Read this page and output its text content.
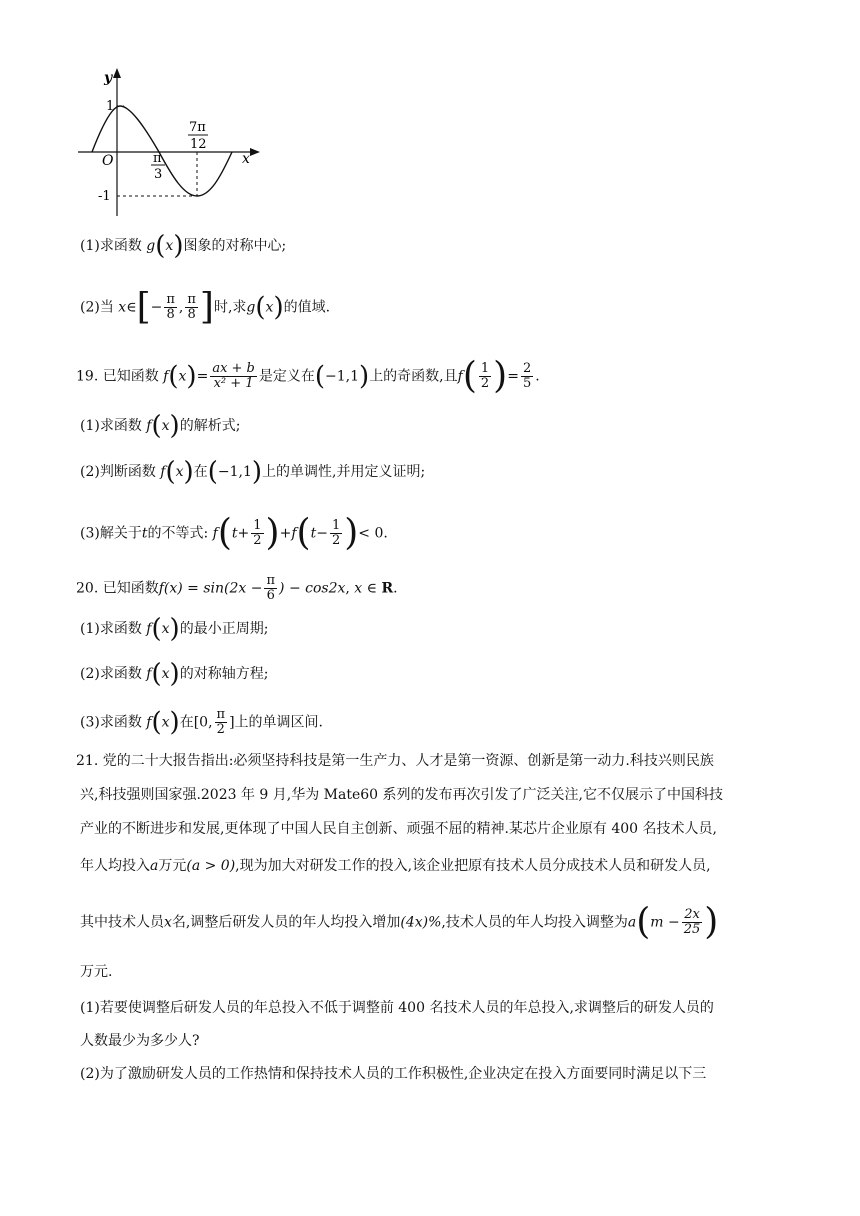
y
x
O
1
-1
π
3
7π
12
(1)求函数 g(x)图象的对称中心;
(2)当 x∈[− $\frac{\pi}{8}$ , $\frac{\pi}{8}$ ]时,求g(x)的值域.
19. 已知函数 $f(x)= \frac{ax + b}{\text{x² + 1}}$ 是定义在(−1,1)上的奇函数,且$f( \frac{1}{2}$ )= $\frac{2}{5}$ .
(1)求函数 f(x)的解析式;
(2)判断函数 f(x)在(−1,1)上的单调性,并用定义证明;
(3)解关于t的不等式: $f(t+ \frac{1}{2} )+f(t- \frac{1}{2}$ )< 0.
20. 已知函数$f(x) = \sin(2x - \frac{\pi}{6}$ ) − cos2x, x ∈ R.
(1)求函数 f(x)的最小正周期;
(2)求函数 f(x)的对称轴方程;
(3)求函数 f(x)在[0, $\frac{\pi}{2}$ ]上的单调区间.
21. 党的二十大报告指出:必须坚持科技是第一生产力、人才是第一资源、创新是第一动力.科技兴则民族
兴,科技强则国家强.2023 年 9 月,华为 Mate60 系列的发布再次引发了广泛关注,它不仅展示了中国科技
产业的不断进步和发展,更体现了中国人民自主创新、顽强不屈的精神.某芯片企业原有 400 名技术人员,
年人均投入a万元(a > 0),现为加大对研发工作的投入,该企业把原有技术人员分成技术人员和研发人员,
其中技术人员x名,调整后研发人员的年人均投入增加(4x)%,技术人员的年人均投入调整为$a(m - \frac{2x}{25}$ )
万元.
(1)若要使调整后研发人员的年总投入不低于调整前 400 名技术人员的年总投入,求调整后的研发人员的
人数最少为多少人?
(2)为了激励研发人员的工作热情和保持技术人员的工作积极性,企业决定在投入方面要同时满足以下三
